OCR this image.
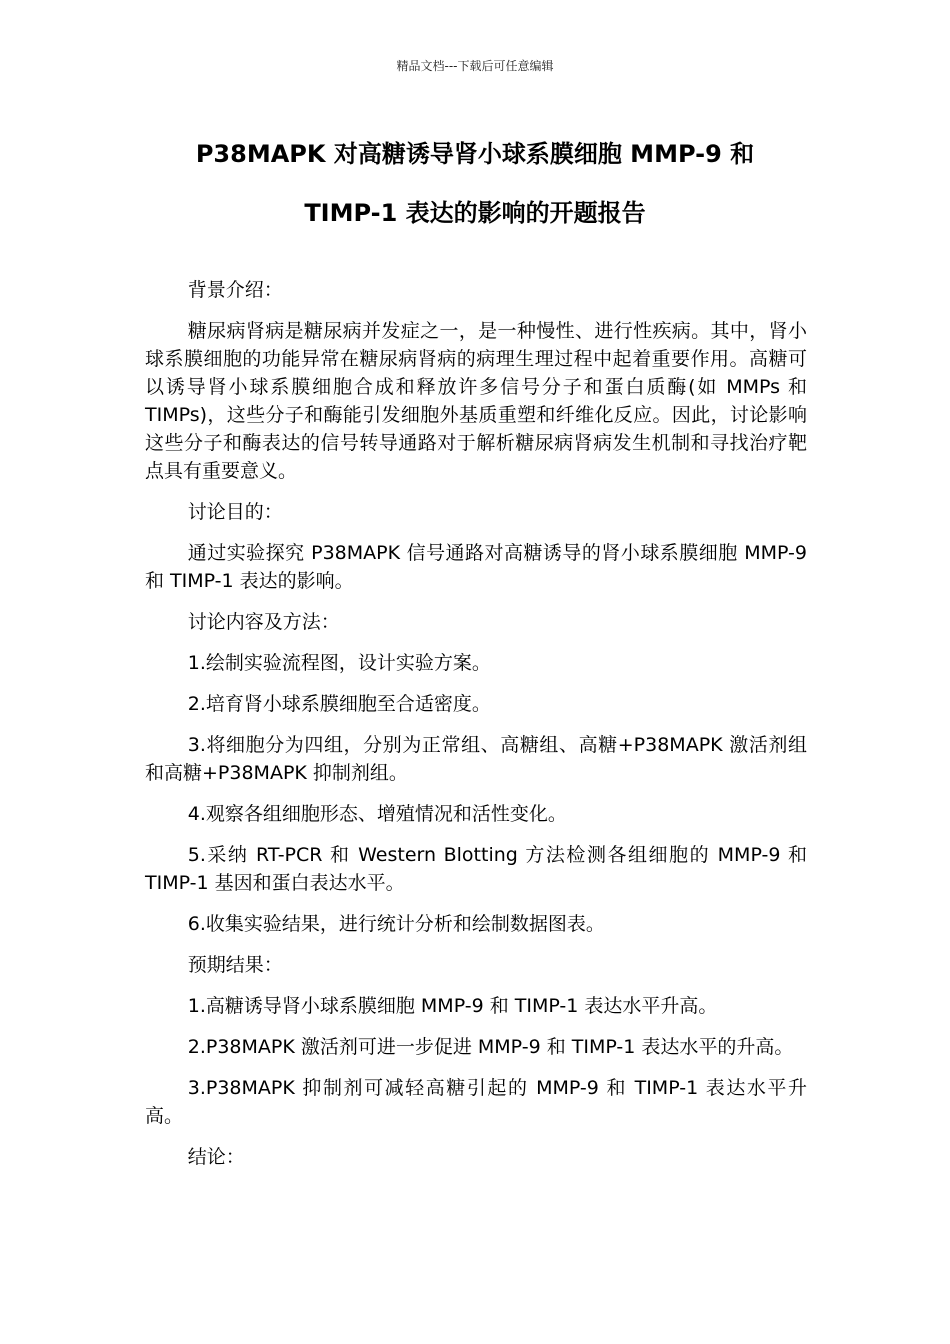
精品文档---下载后可任意编辑
P38MAPK 对高糖诱导肾小球系膜细胞 MMP-9 和
TIMP-1 表达的影响的开题报告

背景介绍：

糖尿病肾病是糖尿病并发症之一，是一种慢性、进行性疾病。其中，肾小球系膜细胞的功能异常在糖尿病肾病的病理生理过程中起着重要作用。高糖可以诱导肾小球系膜细胞合成和释放许多信号分子和蛋白质酶(如 MMPs 和 TIMPs)，这些分子和酶能引发细胞外基质重塑和纤维化反应。因此，讨论影响这些分子和酶表达的信号转导通路对于解析糖尿病肾病发生机制和寻找治疗靶点具有重要意义。

讨论目的：

通过实验探究 P38MAPK 信号通路对高糖诱导的肾小球系膜细胞 MMP-9 和 TIMP-1 表达的影响。

讨论内容及方法：

1.绘制实验流程图，设计实验方案。

2.培育肾小球系膜细胞至合适密度。

3.将细胞分为四组，分别为正常组、高糖组、高糖+P38MAPK 激活剂组和高糖+P38MAPK 抑制剂组。

4.观察各组细胞形态、增殖情况和活性变化。

5.采纳 RT-PCR 和 Western Blotting 方法检测各组细胞的 MMP-9 和 TIMP-1 基因和蛋白表达水平。

6.收集实验结果，进行统计分析和绘制数据图表。

预期结果：

1.高糖诱导肾小球系膜细胞 MMP-9 和 TIMP-1 表达水平升高。

2.P38MAPK 激活剂可进一步促进 MMP-9 和 TIMP-1 表达水平的升高。

3.P38MAPK 抑制剂可减轻高糖引起的 MMP-9 和 TIMP-1 表达水平升高。

结论：
